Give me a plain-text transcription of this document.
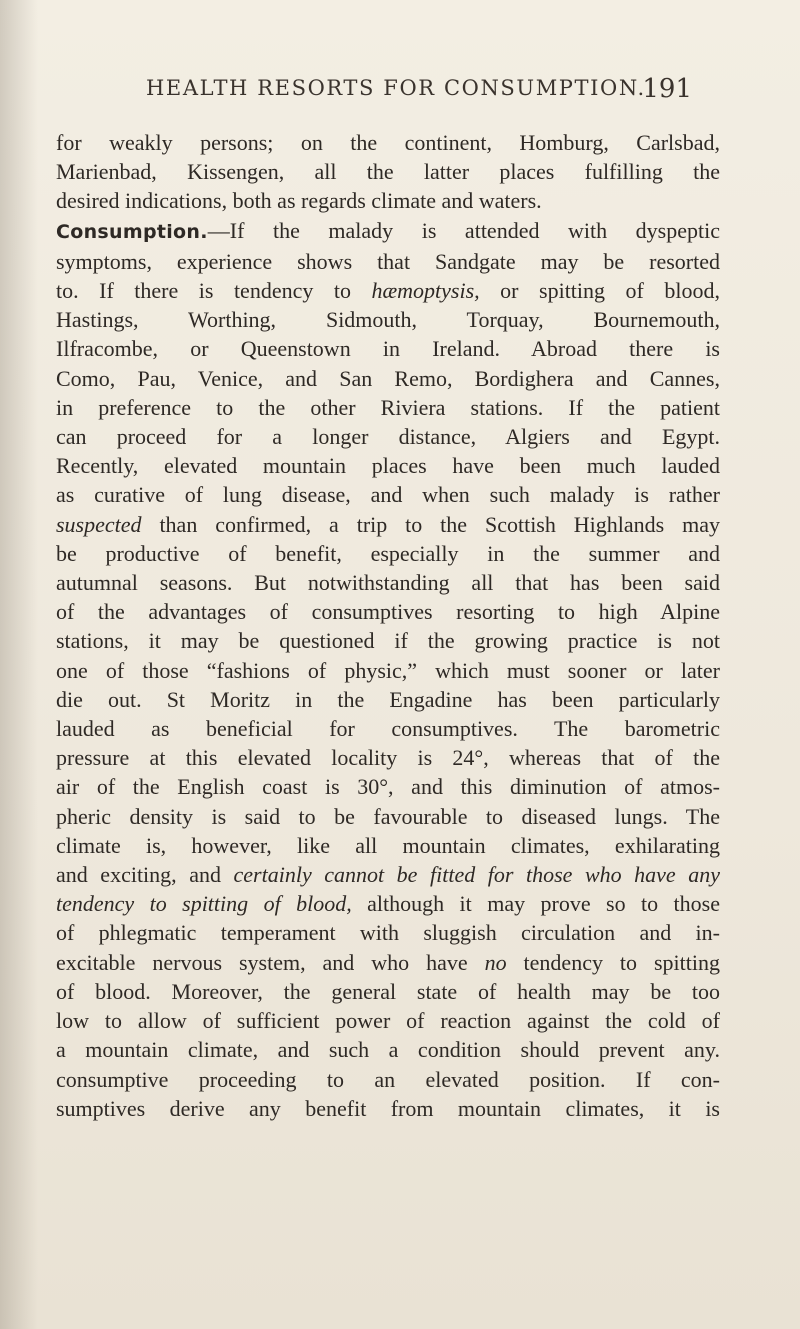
HEALTH RESORTS FOR CONSUMPTION.
191
for weakly persons; on the continent, Homburg, Carlsbad,
Marienbad, Kissengen, all the latter places fulfilling the
desired indications, both as regards climate and waters.
Consumption.—If the malady is attended with dyspeptic
symptoms, experience shows that Sandgate may be resorted
to. If there is tendency to hæmoptysis, or spitting of blood,
Hastings, Worthing, Sidmouth, Torquay, Bournemouth,
Ilfracombe, or Queenstown in Ireland. Abroad there is
Como, Pau, Venice, and San Remo, Bordighera and Cannes,
in preference to the other Riviera stations. If the patient
can proceed for a longer distance, Algiers and Egypt.
Recently, elevated mountain places have been much lauded
as curative of lung disease, and when such malady is rather
suspected than confirmed, a trip to the Scottish Highlands may
be productive of benefit, especially in the summer and
autumnal seasons. But notwithstanding all that has been said
of the advantages of consumptives resorting to high Alpine
stations, it may be questioned if the growing practice is not
one of those “fashions of physic,” which must sooner or later
die out. St Moritz in the Engadine has been particularly
lauded as beneficial for consumptives. The barometric
pressure at this elevated locality is 24°, whereas that of the
air of the English coast is 30°, and this diminution of atmos-
pheric density is said to be favourable to diseased lungs. The
climate is, however, like all mountain climates, exhilarating
and exciting, and certainly cannot be fitted for those who have any
tendency to spitting of blood, although it may prove so to those
of phlegmatic temperament with sluggish circulation and in-
excitable nervous system, and who have no tendency to spitting
of blood. Moreover, the general state of health may be too
low to allow of sufficient power of reaction against the cold of
a mountain climate, and such a condition should prevent any.
consumptive proceeding to an elevated position. If con-
sumptives derive any benefit from mountain climates, it is
